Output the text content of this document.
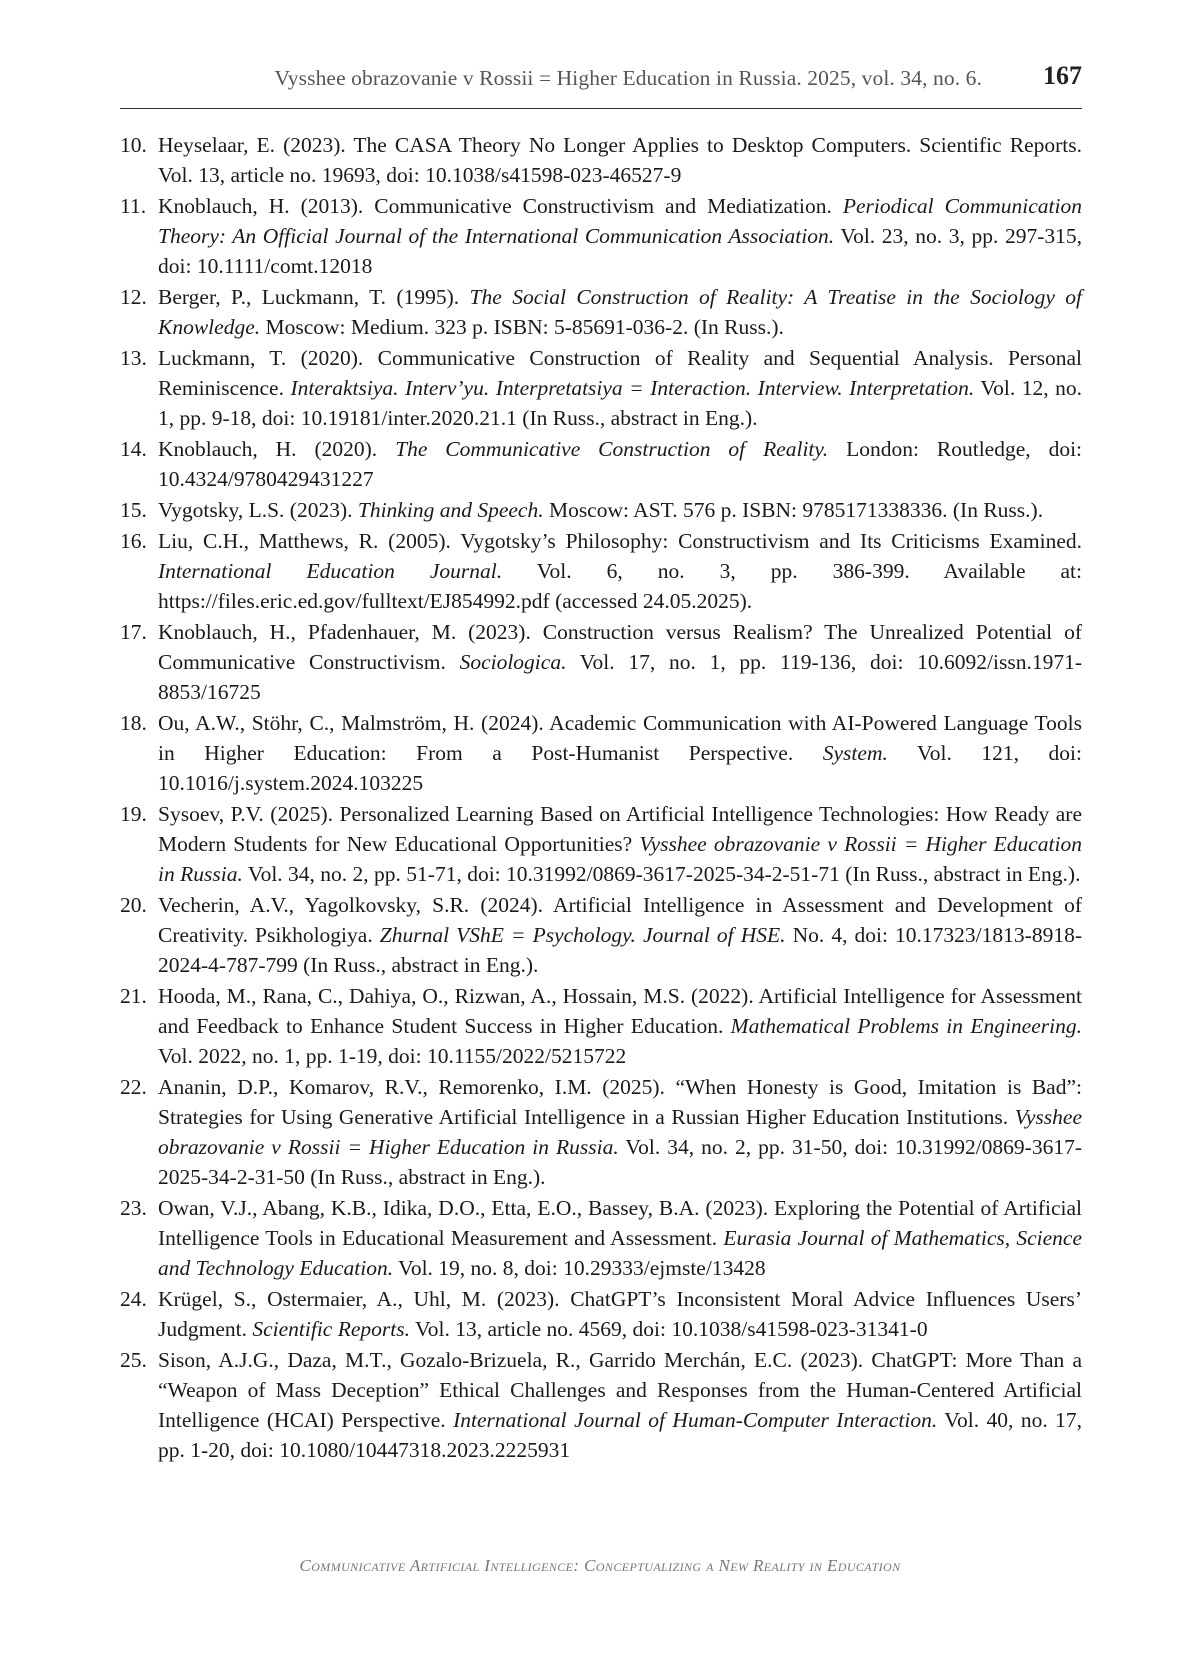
Vysshee obrazovanie v Rossii = Higher Education in Russia. 2025, vol. 34, no. 6. 167
10. Heyselaar, E. (2023). The CASA Theory No Longer Applies to Desktop Computers. Scientific Reports. Vol. 13, article no. 19693, doi: 10.1038/s41598-023-46527-9
11. Knoblauch, H. (2013). Communicative Constructivism and Mediatization. Periodical Communication Theory: An Official Journal of the International Communication Association. Vol. 23, no. 3, pp. 297-315, doi: 10.1111/comt.12018
12. Berger, P., Luckmann, T. (1995). The Social Construction of Reality: A Treatise in the Sociology of Knowledge. Moscow: Medium. 323 p. ISBN: 5-85691-036-2. (In Russ.).
13. Luckmann, T. (2020). Communicative Construction of Reality and Sequential Analysis. Personal Reminiscence. Interaktsiya. Interv’yu. Interpretatsiya = Interaction. Interview. Interpretation. Vol. 12, no. 1, pp. 9-18, doi: 10.19181/inter.2020.21.1 (In Russ., abstract in Eng.).
14. Knoblauch, H. (2020). The Communicative Construction of Reality. London: Routledge, doi: 10.4324/9780429431227
15. Vygotsky, L.S. (2023). Thinking and Speech. Moscow: AST. 576 p. ISBN: 9785171338336. (In Russ.).
16. Liu, C.H., Matthews, R. (2005). Vygotsky’s Philosophy: Constructivism and Its Criticisms Examined. International Education Journal. Vol. 6, no. 3, pp. 386-399. Available at: https://files.eric.ed.gov/fulltext/EJ854992.pdf (accessed 24.05.2025).
17. Knoblauch, H., Pfadenhauer, M. (2023). Construction versus Realism? The Unrealized Potential of Communicative Constructivism. Sociologica. Vol. 17, no. 1, pp. 119-136, doi: 10.6092/issn.1971-8853/16725
18. Ou, A.W., Stöhr, C., Malmström, H. (2024). Academic Communication with AI-Powered Language Tools in Higher Education: From a Post-Humanist Perspective. System. Vol. 121, doi: 10.1016/j.system.2024.103225
19. Sysoev, P.V. (2025). Personalized Learning Based on Artificial Intelligence Technologies: How Ready are Modern Students for New Educational Opportunities? Vysshee obrazovanie v Rossii = Higher Education in Russia. Vol. 34, no. 2, pp. 51-71, doi: 10.31992/0869-3617-2025-34-2-51-71 (In Russ., abstract in Eng.).
20. Vecherin, A.V., Yagolkovsky, S.R. (2024). Artificial Intelligence in Assessment and Development of Creativity. Psikhologiya. Zhurnal VShE = Psychology. Journal of HSE. No. 4, doi: 10.17323/1813-8918-2024-4-787-799 (In Russ., abstract in Eng.).
21. Hooda, M., Rana, C., Dahiya, O., Rizwan, A., Hossain, M.S. (2022). Artificial Intelligence for Assessment and Feedback to Enhance Student Success in Higher Education. Mathematical Problems in Engineering. Vol. 2022, no. 1, pp. 1-19, doi: 10.1155/2022/5215722
22. Ananin, D.P., Komarov, R.V., Remorenko, I.M. (2025). “When Honesty is Good, Imitation is Bad”: Strategies for Using Generative Artificial Intelligence in a Russian Higher Education Institutions. Vysshee obrazovanie v Rossii = Higher Education in Russia. Vol. 34, no. 2, pp. 31-50, doi: 10.31992/0869-3617-2025-34-2-31-50 (In Russ., abstract in Eng.).
23. Owan, V.J., Abang, K.B., Idika, D.O., Etta, E.O., Bassey, B.A. (2023). Exploring the Potential of Artificial Intelligence Tools in Educational Measurement and Assessment. Eurasia Journal of Mathematics, Science and Technology Education. Vol. 19, no. 8, doi: 10.29333/ejmste/13428
24. Krügel, S., Ostermaier, A., Uhl, M. (2023). ChatGPT’s Inconsistent Moral Advice Influences Users’ Judgment. Scientific Reports. Vol. 13, article no. 4569, doi: 10.1038/s41598-023-31341-0
25. Sison, A.J.G., Daza, M.T., Gozalo-Brizuela, R., Garrido Merchán, E.C. (2023). ChatGPT: More Than a “Weapon of Mass Deception” Ethical Challenges and Responses from the Human-Centered Artificial Intelligence (HCAI) Perspective. International Journal of Human-Computer Interaction. Vol. 40, no. 17, pp. 1-20, doi: 10.1080/10447318.2023.2225931
Communicative Artificial Intelligence: Conceptualizing a New Reality in Education
